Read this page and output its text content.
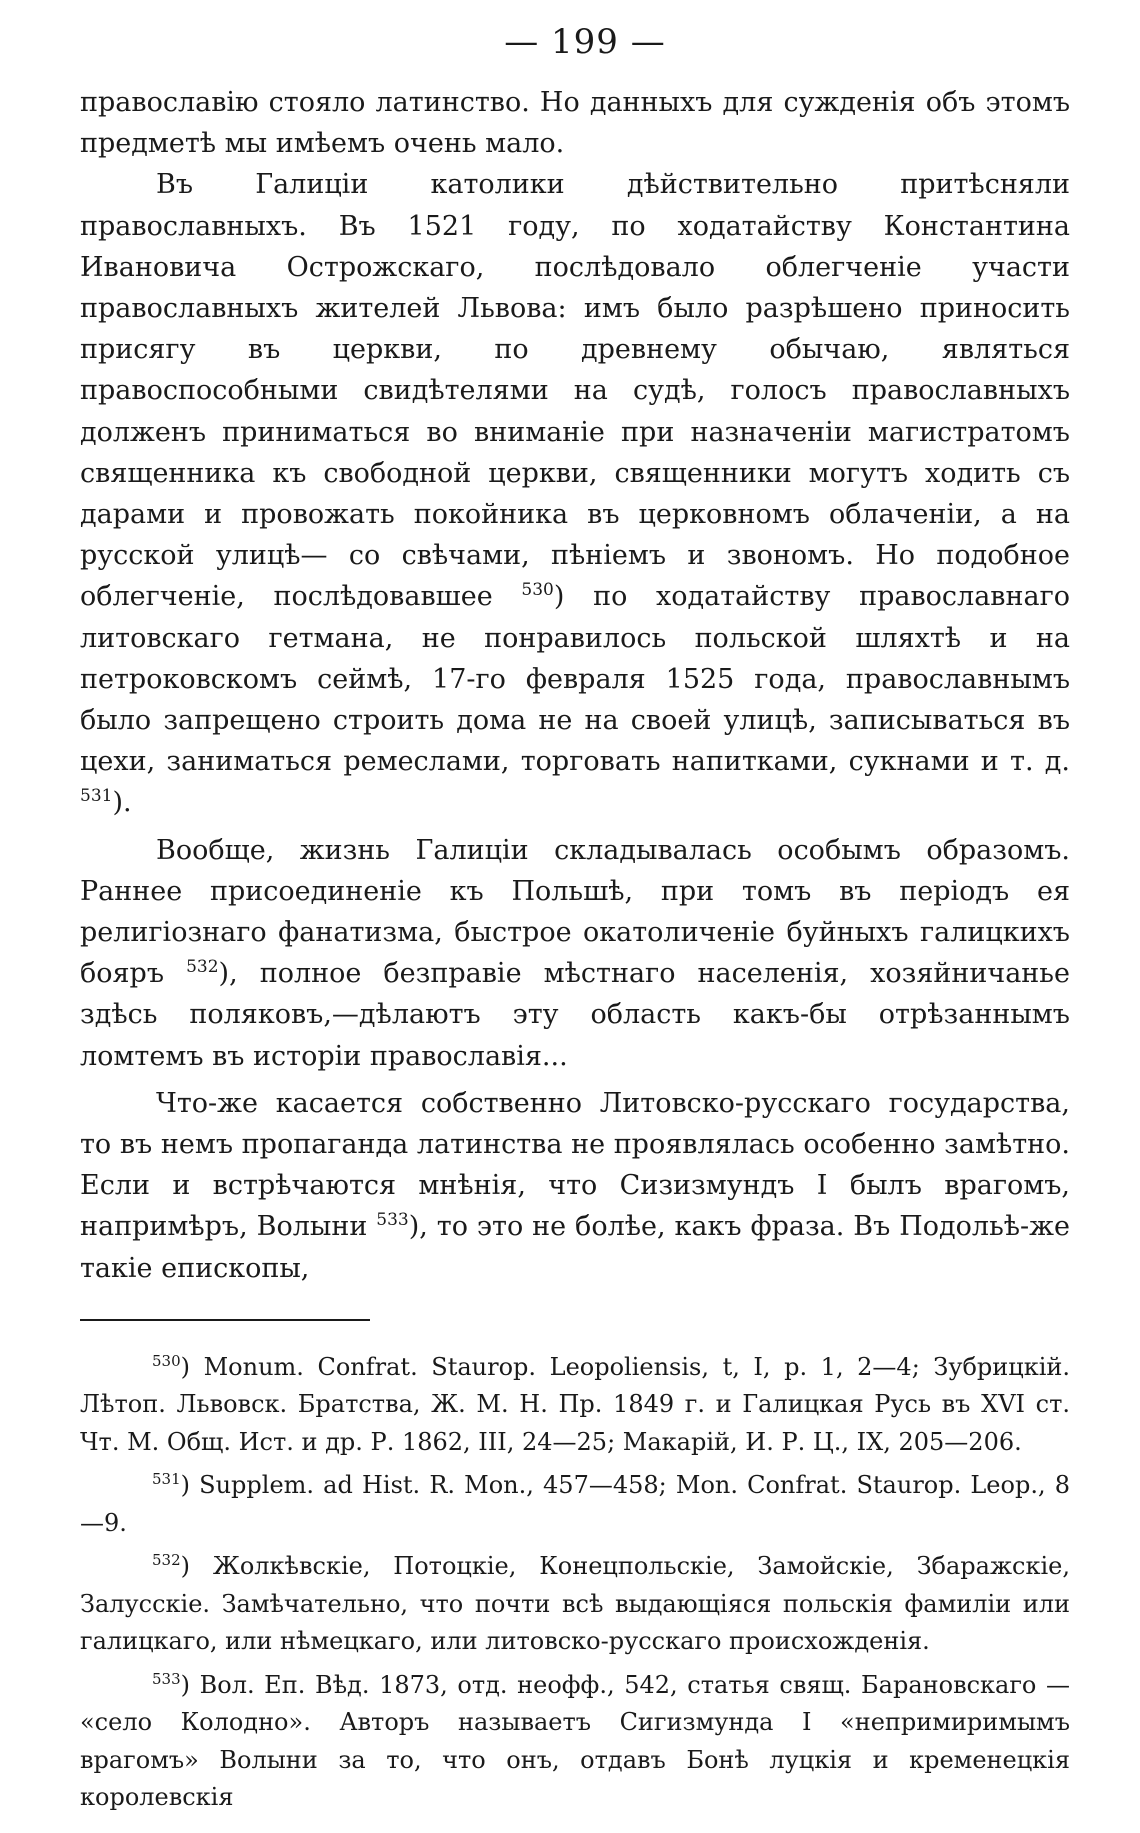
— 199 —

православію стояло латинство. Но данныхъ для сужденія объ этомъ предметѣ мы имѣемъ очень мало.

Въ Галиціи католики дѣйствительно притѣсняли православныхъ. Въ 1521 году, по ходатайству Константина Ивановича Острожскаго, послѣдовало облегченіе участи православныхъ жителей Львова: имъ было разрѣшено приносить присягу въ церкви, по древнему обычаю, являться правоспособными свидѣтелями на судѣ, голосъ православныхъ долженъ приниматься во вниманіе при назначеніи магистратомъ священника къ свободной церкви, священники могутъ ходить съ дарами и провожать покойника въ церковномъ облаченіи, а на русской улицѣ— со свѣчами, пѣніемъ и звономъ. Но подобное облегченіе, послѣдовавшее $^{530}$) по ходатайству православнаго литовскаго гетмана, не понравилось польской шляхтѣ и на петроковскомъ сеймѣ, 17-го февраля 1525 года, православнымъ было запрещено строить дома не на своей улицѣ, записываться въ цехи, заниматься ремеслами, торговать напитками, сукнами и т. д. $^{531}$).

Вообще, жизнь Галиціи складывалась особымъ образомъ. Раннее присоединеніе къ Польшѣ, при томъ въ періодъ ея религіознаго фанатизма, быстрое окатоличеніе буйныхъ галицкихъ бояръ $^{532}$), полное безправіе мѣстнаго населенія, хозяйничанье здѣсь поляковъ,—дѣлаютъ эту область какъ-бы отрѣзаннымъ ломтемъ въ исторіи православія...

Что-же касается собственно Литовско-русскаго государства, то въ немъ пропаганда латинства не проявлялась особенно замѣтно. Если и встрѣчаются мнѣнія, что Сизизмундъ I былъ врагомъ, напримѣръ, Волыни $^{533}$), то это не болѣе, какъ фраза. Въ Подольѣ-же такіе епископы,

$^{530}$) Monum. Confrat. Staurop. Leopoliensis, t, I, p. 1, 2—4; Зубрицкій. Лѣтоп. Львовск. Братства, Ж. М. Н. Пр. 1849 г. и Галицкая Русь въ XVI ст. Чт. М. Общ. Ист. и др. Р. 1862, III, 24—25; Макарій, И. Р. Ц., IX, 205—206.

$^{531}$) Supplem. ad Hist. R. Mon., 457—458; Mon. Confrat. Staurop. Leop., 8—9.

$^{532}$) Жолкѣвскіе, Потоцкіе, Конецпольскіе, Замойскіе, Збаражскіе, Залусскіе. Замѣчательно, что почти всѣ выдающіяся польскія фамиліи или галицкаго, или нѣмецкаго, или литовско-русскаго происхожденія.

$^{533}$) Вол. Еп. Вѣд. 1873, отд. неофф., 542, статья свящ. Барановскаго — «село Колодно». Авторъ называетъ Сигизмунда I «непримиримымъ врагомъ» Волыни за то, что онъ, отдавъ Бонѣ луцкія и кременецкія королевскія
